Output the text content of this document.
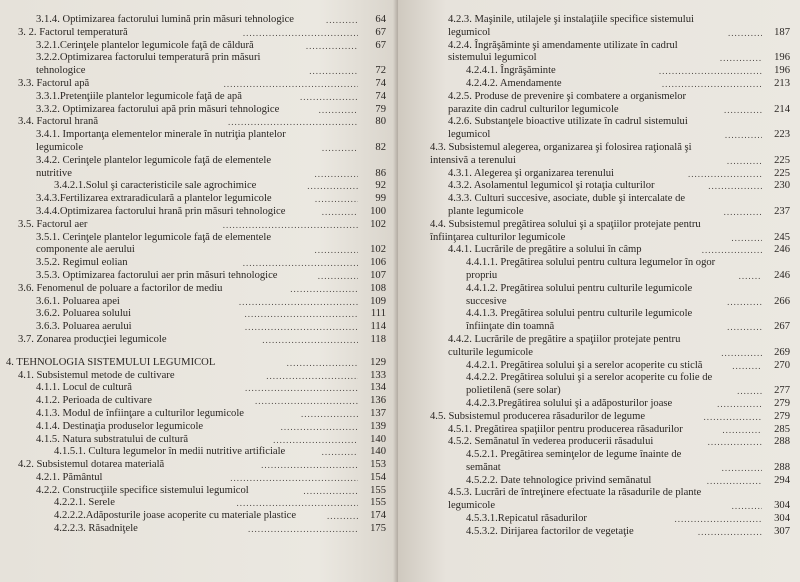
3.1.4. Optimizarea factorului lumină prin măsuri tehnologice .....	64
3. 2. Factorul temperatură .....	67
3.2.1.Cerinţele plantelor legumicole faţă de căldură .....	67
3.2.2.Optimizarea factorului temperatură prin măsuri
tehnologice .....	72
3.3. Factorul apă .....	74
3.3.1.Pretenţiile plantelor legumicole faţă de apă .....	74
3.3.2. Optimizarea factorului apă prin măsuri tehnologice .....	79
3.4. Factorul hrană .....	80
3.4.1. Importanţa elementelor minerale în nutriţia plantelor
legumicole .....	82
3.4.2. Cerinţele plantelor legumicole faţă de elementele
nutritive .....	86
3.4.2.1.Solul şi caracteristicile sale agrochimice .....	92
3.4.3.Fertilizarea extraradiculară a plantelor legumicole .....	99
3.4.4.Optimizarea factorului hrană prin măsuri tehnologice .....	100
3.5. Factorul aer .....	102
3.5.1. Cerinţele plantelor legumicole faţă de elementele
componente ale aerului .....	102
3.5.2. Regimul eolian .....	106
3.5.3. Optimizarea factorului aer prin măsuri tehnologice .....	107
3.6. Fenomenul de poluare a factorilor de mediu .....	108
3.6.1. Poluarea apei .....	109
3.6.2. Poluarea solului .....	111
3.6.3. Poluarea aerului .....	114
3.7. Zonarea producţiei legumicole .....	118
4. TEHNOLOGIA SISTEMULUI LEGUMICOL .....	129
4.1. Subsistemul metode de cultivare .....	133
4.1.1. Locul de cultură .....	134
4.1.2. Perioada de cultivare .....	136
4.1.3. Modul de înfiinţare a culturilor legumicole .....	137
4.1.4. Destinaţia produselor legumicole .....	139
4.1.5. Natura substratului de cultură .....	140
4.1.5.1. Cultura legumelor în medii nutritive artificiale .....	140
4.2. Subsistemul dotarea materială .....	153
4.2.1. Pământul .....	154
4.2.2. Construcţiile specifice sistemului legumicol .....	155
4.2.2.1. Serele .....	155
4.2.2.2.Adăposturile joase acoperite cu materiale plastice .....	174
4.2.2.3. Răsadniţele .....	175
4.2.3. Maşinile, utilajele şi instalaţiile specifice sistemului
legumicol .....	187
4.2.4. Îngrăşăminte şi amendamente utilizate în cadrul
sistemului legumicol .....	196
4.2.4.1. Îngrăşăminte .....	196
4.2.4.2. Amendamente .....	213
4.2.5. Produse de prevenire şi combatere a organismelor
parazite din cadrul culturilor legumicole .....	214
4.2.6. Substanţele bioactive utilizate în cadrul sistemului
legumicol .....	223
4.3. Subsistemul alegerea, organizarea şi folosirea raţională şi
intensivă a terenului .....	225
4.3.1. Alegerea şi organizarea terenului .....	225
4.3.2. Asolamentul legumicol şi rotaţia culturilor .....	230
4.3.3. Culturi succesive, asociate, duble şi intercalate de
plante legumicole .....	237
4.4. Subsistemul pregătirea solului şi a spaţiilor protejate pentru
înfiinţarea culturilor legumicole .....	245
4.4.1. Lucrările de pregătire a solului în câmp .....	246
4.4.1.1. Pregătirea solului pentru cultura legumelor în ogor
propriu .....	246
4.4.1.2. Pregătirea solului pentru culturile legumicole
succesive .....	266
4.4.1.3. Pregătirea solului pentru culturile legumicole
înfiinţate din toamnă .....	267
4.4.2. Lucrările de pregătire a spaţiilor protejate pentru
culturile legumicole .....	269
4.4.2.1. Pregătirea solului şi a serelor acoperite cu sticlă .....	270
4.4.2.2. Pregătirea solului şi a serelor acoperite cu folie de
polietilenă (sere solar) .....	277
4.4.2.3.Pregătirea solului şi a adăposturilor joase .....	279
4.5. Subsistemul producerea răsadurilor de legume .....	279
4.5.1. Pregătirea spaţiilor pentru producerea răsadurilor .....	285
4.5.2. Semănatul în vederea producerii răsadului .....	288
4.5.2.1. Pregătirea seminţelor de legume înainte de
semănat .....	288
4.5.2.2. Date tehnologice privind semănatul .....	294
4.5.3. Lucrări de întreţinere efectuate la răsadurile de plante
legumicole .....	304
4.5.3.1.Repicatul răsadurilor .....	304
4.5.3.2. Dirijarea factorilor de vegetaţie .....	307
